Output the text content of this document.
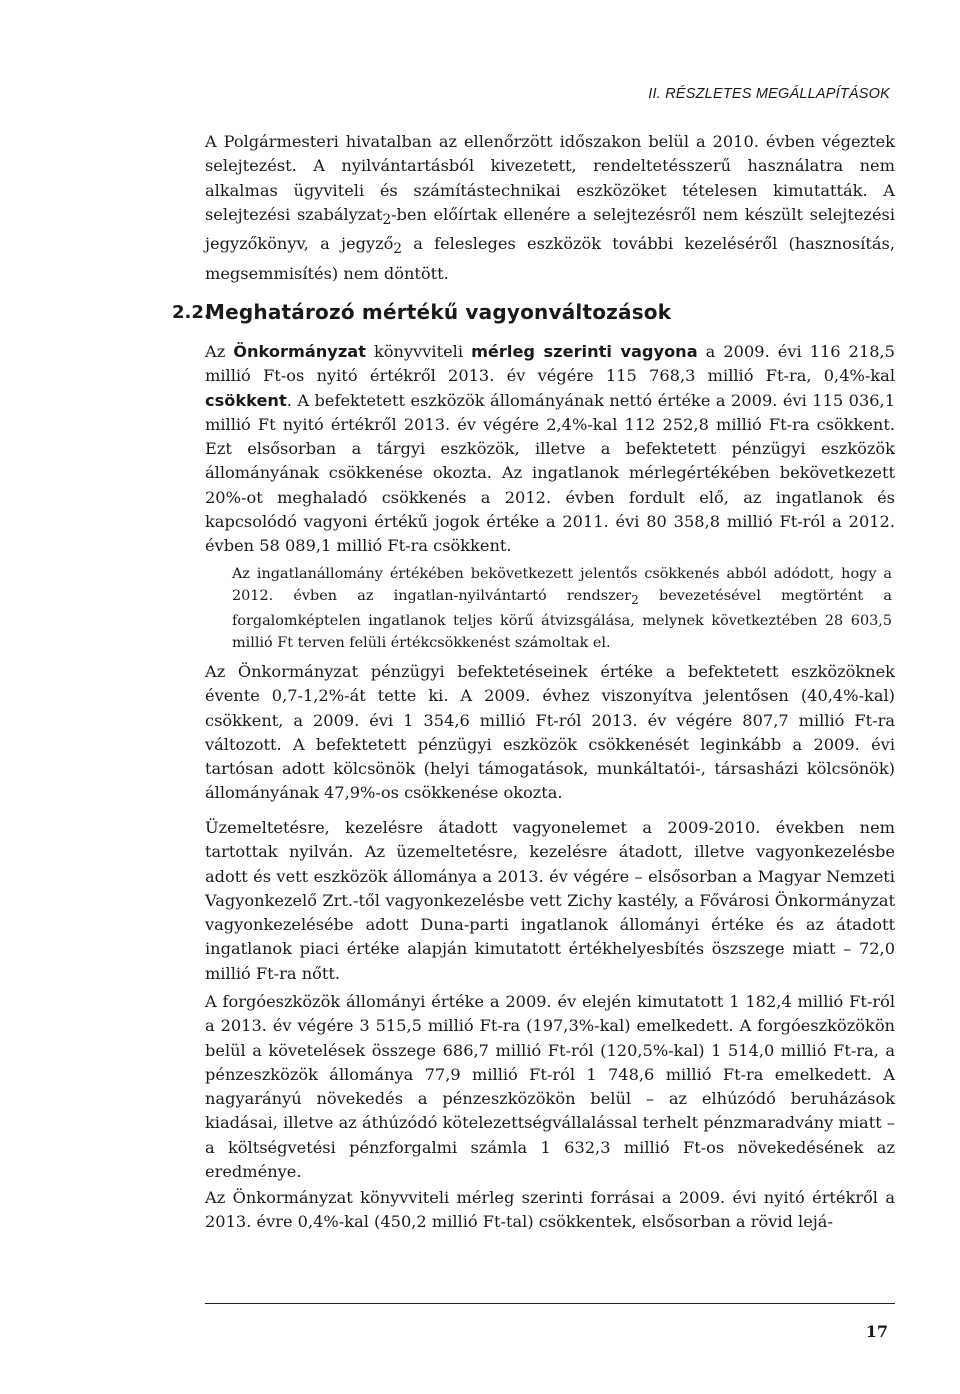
II. RÉSZLETES MEGÁLLAPÍTÁSOK

A Polgármesteri hivatalban az ellenőrzött időszakon belül a 2010. évben végeztek selejtezést. A nyilvántartásból kivezetett, rendeltetésszerű használatra nem alkalmas ügyviteli és számítástechnikai eszközöket tételesen kimutatták. A selejtezési szabályzat$_2$-ben előírtak ellenére a selejtezésről nem készült selejtezési jegyzőkönyv, a jegyző$_2$ a felesleges eszközök további kezeléséről (hasznosítás, megsemmisítés) nem döntött.

2.2.
Meghatározó mértékű vagyonváltozások

Az Önkormányzat könyvviteli mérleg szerinti vagyona a 2009. évi 116 218,5 millió Ft-os nyitó értékről 2013. év végére 115 768,3 millió Ft-ra, 0,4%-kal csökkent. A befektetett eszközök állományának nettó értéke a 2009. évi 115 036,1 millió Ft nyitó értékről 2013. év végére 2,4%-kal 112 252,8 millió Ft-ra csökkent. Ezt elsősorban a tárgyi eszközök, illetve a befektetett pénzügyi eszközök állományának csökkenése okozta. Az ingatlanok mérlegértékében bekövetkezett 20%-ot meghaladó csökkenés a 2012. évben fordult elő, az ingatlanok és kapcsolódó vagyoni értékű jogok értéke a 2011. évi 80 358,8 millió Ft-ról a 2012. évben 58 089,1 millió Ft-ra csökkent.

Az ingatlanállomány értékében bekövetkezett jelentős csökkenés abból adódott, hogy a 2012. évben az ingatlan-nyilvántartó rendszer$_2$ bevezetésével megtörtént a forgalomképtelen ingatlanok teljes körű átvizsgálása, melynek következtében 28 603,5 millió Ft terven felüli értékcsökkenést számoltak el.

Az Önkormányzat pénzügyi befektetéseinek értéke a befektetett eszközöknek évente 0,7-1,2%-át tette ki. A 2009. évhez viszonyítva jelentősen (40,4%-kal) csökkent, a 2009. évi 1 354,6 millió Ft-ról 2013. év végére 807,7 millió Ft-ra változott. A befektetett pénzügyi eszközök csökkenését leginkább a 2009. évi tartósan adott kölcsönök (helyi támogatások, munkáltatói-, társasházi kölcsönök) állományának 47,9%-os csökkenése okozta.

Üzemeltetésre, kezelésre átadott vagyonelemet a 2009-2010. években nem tartottak nyilván. Az üzemeltetésre, kezelésre átadott, illetve vagyonkezelésbe adott és vett eszközök állománya a 2013. év végére – elsősorban a Magyar Nemzeti Vagyonkezelő Zrt.-től vagyonkezelésbe vett Zichy kastély, a Fővárosi Önkormányzat vagyonkezelésébe adott Duna-parti ingatlanok állományi értéke és az átadott ingatlanok piaci értéke alapján kimutatott értékhelyesbítés öszszege miatt – 72,0 millió Ft-ra nőtt.

A forgóeszközök állományi értéke a 2009. év elején kimutatott 1 182,4 millió Ft-ról a 2013. év végére 3 515,5 millió Ft-ra (197,3%-kal) emelkedett. A forgóeszközökön belül a követelések összege 686,7 millió Ft-ról (120,5%-kal) 1 514,0 millió Ft-ra, a pénzeszközök állománya 77,9 millió Ft-ról 1 748,6 millió Ft-ra emelkedett. A nagyarányú növekedés a pénzeszközökön belül – az elhúzódó beruházások kiadásai, illetve az áthúzódó kötelezettségvállalással terhelt pénzmaradvány miatt – a költségvetési pénzforgalmi számla 1 632,3 millió Ft-os növekedésének az eredménye.

Az Önkormányzat könyvviteli mérleg szerinti forrásai a 2009. évi nyitó értékről a 2013. évre 0,4%-kal (450,2 millió Ft-tal) csökkentek, elsősorban a rövid lejá-

17
